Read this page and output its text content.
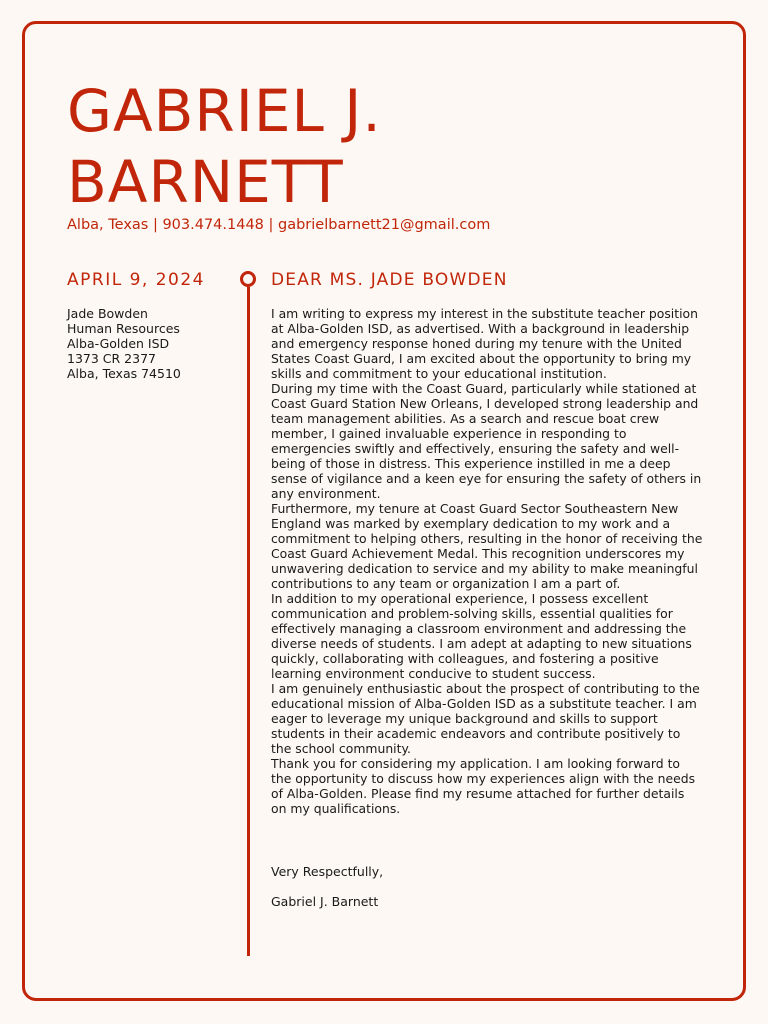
GABRIEL J. BARNETT
Alba, Texas | 903.474.1448 | gabrielbarnett21@gmail.com
APRIL 9, 2024
Jade Bowden
Human Resources
Alba-Golden ISD
1373 CR 2377
Alba, Texas 74510
DEAR MS. JADE BOWDEN

I am writing to express my interest in the substitute teacher position at Alba-Golden ISD, as advertised. With a background in leadership and emergency response honed during my tenure with the United States Coast Guard, I am excited about the opportunity to bring my skills and commitment to your educational institution.

During my time with the Coast Guard, particularly while stationed at Coast Guard Station New Orleans, I developed strong leadership and team management abilities. As a search and rescue boat crew member, I gained invaluable experience in responding to emergencies swiftly and effectively, ensuring the safety and well-being of those in distress. This experience instilled in me a deep sense of vigilance and a keen eye for ensuring the safety of others in any environment.

Furthermore, my tenure at Coast Guard Sector Southeastern New England was marked by exemplary dedication to my work and a commitment to helping others, resulting in the honor of receiving the Coast Guard Achievement Medal. This recognition underscores my unwavering dedication to service and my ability to make meaningful contributions to any team or organization I am a part of.

In addition to my operational experience, I possess excellent communication and problem-solving skills, essential qualities for effectively managing a classroom environment and addressing the diverse needs of students. I am adept at adapting to new situations quickly, collaborating with colleagues, and fostering a positive learning environment conducive to student success.

I am genuinely enthusiastic about the prospect of contributing to the educational mission of Alba-Golden ISD as a substitute teacher. I am eager to leverage my unique background and skills to support students in their academic endeavors and contribute positively to the school community.

Thank you for considering my application. I am looking forward to the opportunity to discuss how my experiences align with the needs of Alba-Golden. Please find my resume attached for further details on my qualifications.

Very Respectfully,
Gabriel J. Barnett
